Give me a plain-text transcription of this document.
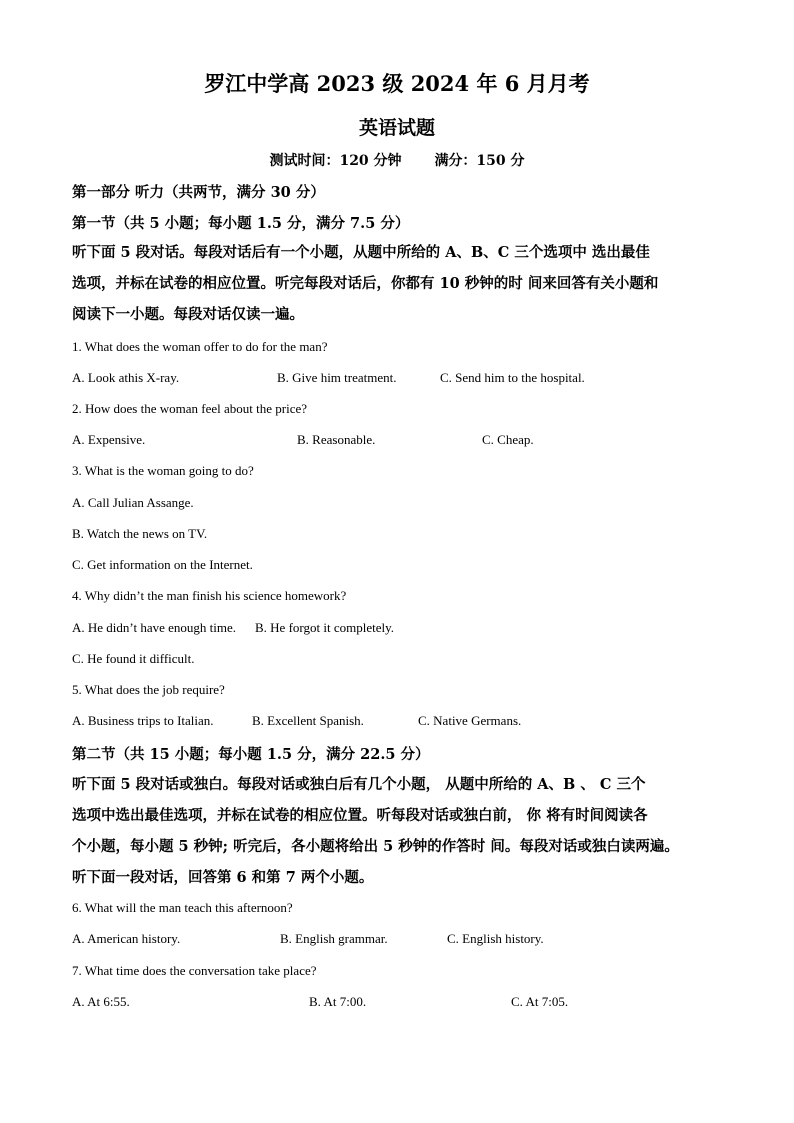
罗江中学高 2023 级 2024 年 6 月月考
英语试题
测试时间：120 分钟 满分：150 分
第一部分 听力（共两节，满分 30 分）
第一节（共 5 小题；每小题 1.5 分，满分 7.5 分）
听下面 5 段对话。每段对话后有一个小题，从题中所给的 A、B、C 三个选项中 选出最佳
选项，并标在试卷的相应位置。听完每段对话后，你都有 10 秒钟的时 间来回答有关小题和
阅读下一小题。每段对话仅读一遍。
1. What does the woman offer to do for the man?
A. Look athis X-ray.	B. Give him treatment.	C. Send him to the hospital.
2. How does the woman feel about the price?
A. Expensive.	B. Reasonable.	C. Cheap.
3. What is the woman going to do?
A. Call Julian Assange.
B. Watch the news on TV.
C. Get information on the Internet.
4. Why didn’t the man finish his science homework?
A. He didn’t have enough time. B. He forgot it completely.
C. He found it difficult.
5. What does the job require?
A. Business trips to Italian.	B. Excellent Spanish.	C. Native Germans.
第二节（共 15 小题；每小题 1.5 分，满分 22.5 分）
听下面 5 段对话或独白。每段对话或独白后有几个小题， 从题中所给的 A、B 、 C 三个
选项中选出最佳选项，并标在试卷的相应位置。听每段对话或独白前， 你 将有时间阅读各
个小题，每小题 5 秒钟; 听完后，各小题将给出 5 秒钟的作答时 间。每段对话或独白读两遍。
听下面一段对话，回答第 6 和第 7 两个小题。
6. What will the man teach this afternoon?
A. American history.	B. English grammar.	C. English history.
7. What time does the conversation take place?
A. At 6:55.	B. At 7:00.	C. At 7:05.
